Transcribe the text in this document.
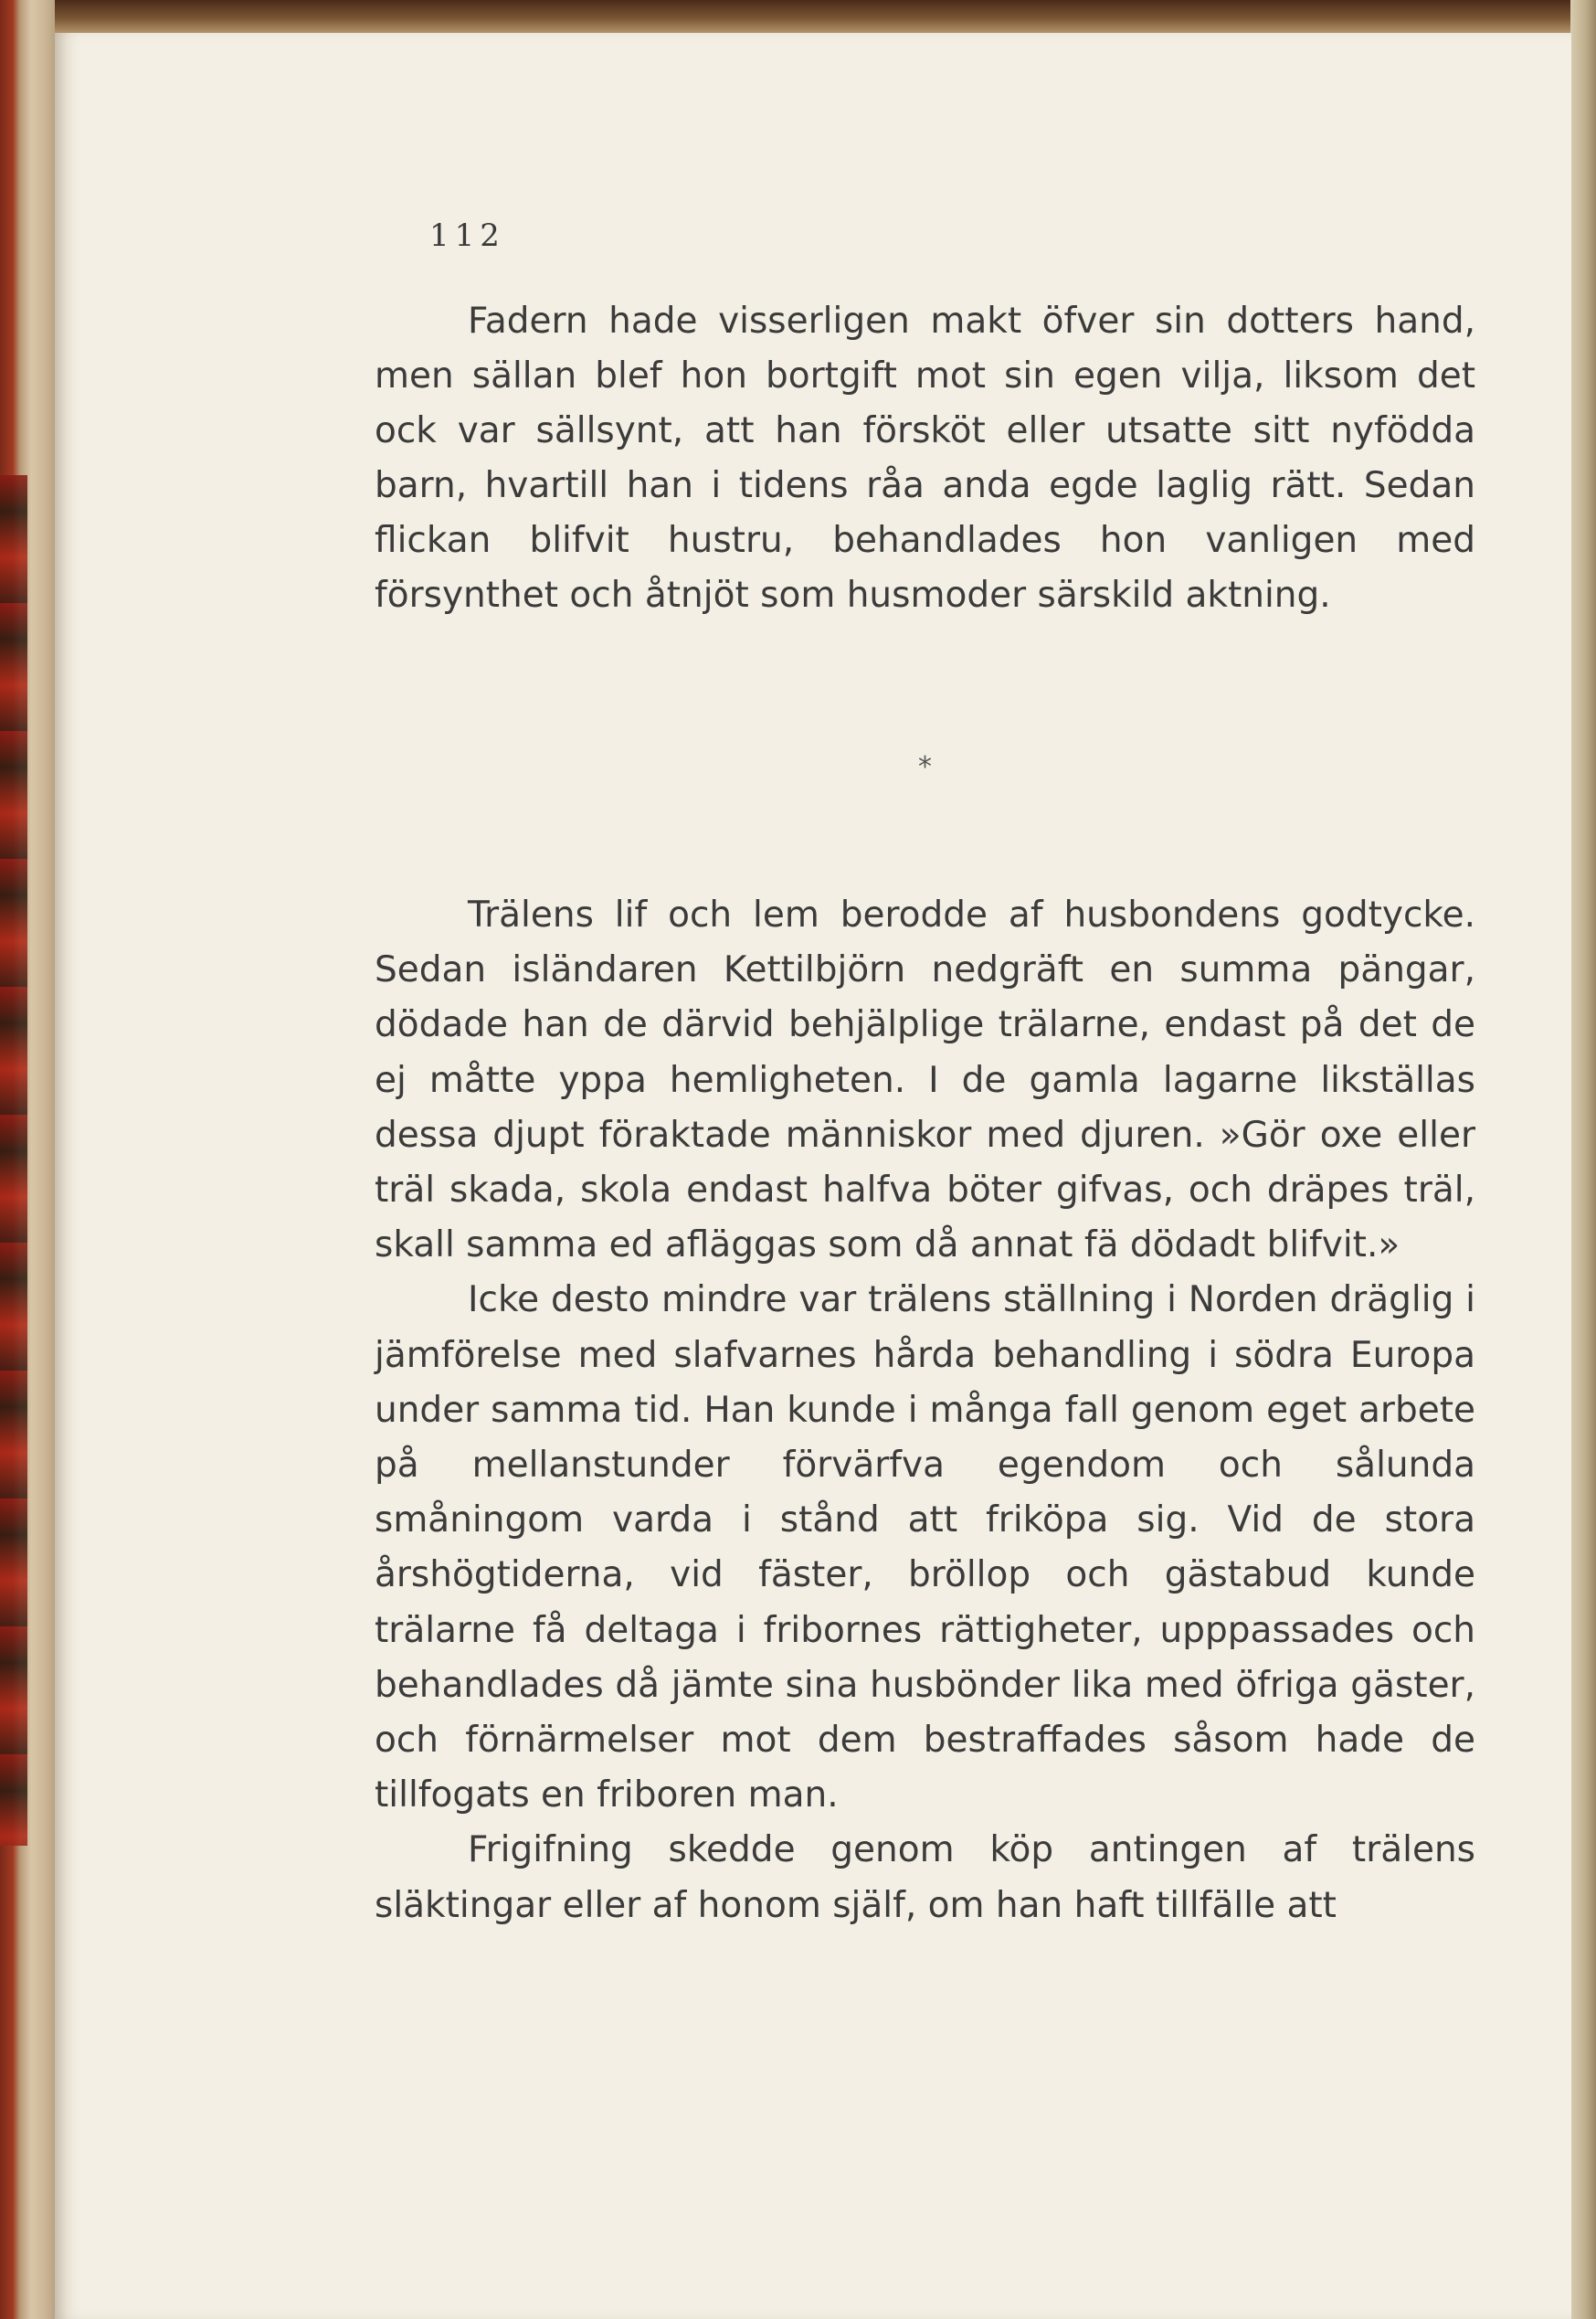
112

Fadern hade visserligen makt öfver sin dotters hand, men sällan blef hon bortgift mot sin egen vilja, liksom det ock var sällsynt, att han försköt eller utsatte sitt nyfödda barn, hvartill han i tidens råa anda egde laglig rätt. Sedan flickan blifvit hustru, behandlades hon vanligen med försynthet och åtnjöt som husmoder särskild aktning.

*

Trälens lif och lem berodde af husbondens godtycke. Sedan isländaren Kettilbjörn nedgräft en summa pängar, dödade han de därvid behjälplige trälarne, endast på det de ej måtte yppa hemligheten. I de gamla lagarne likställas dessa djupt föraktade människor med djuren. »Gör oxe eller träl skada, skola endast halfva böter gifvas, och dräpes träl, skall samma ed afläggas som då annat fä dödadt blifvit.»

Icke desto mindre var trälens ställning i Norden dräglig i jämförelse med slafvarnes hårda behandling i södra Europa under samma tid. Han kunde i många fall genom eget arbete på mellanstunder förvärfva egendom och sålunda småningom varda i stånd att friköpa sig. Vid de stora årshögtiderna, vid fäster, bröllop och gästabud kunde trälarne få deltaga i fribornes rättigheter, upppassades och behandlades då jämte sina husbönder lika med öfriga gäster, och förnärmelser mot dem bestraffades såsom hade de tillfogats en friboren man.

Frigifning skedde genom köp antingen af trälens släktingar eller af honom själf, om han haft tillfälle att
